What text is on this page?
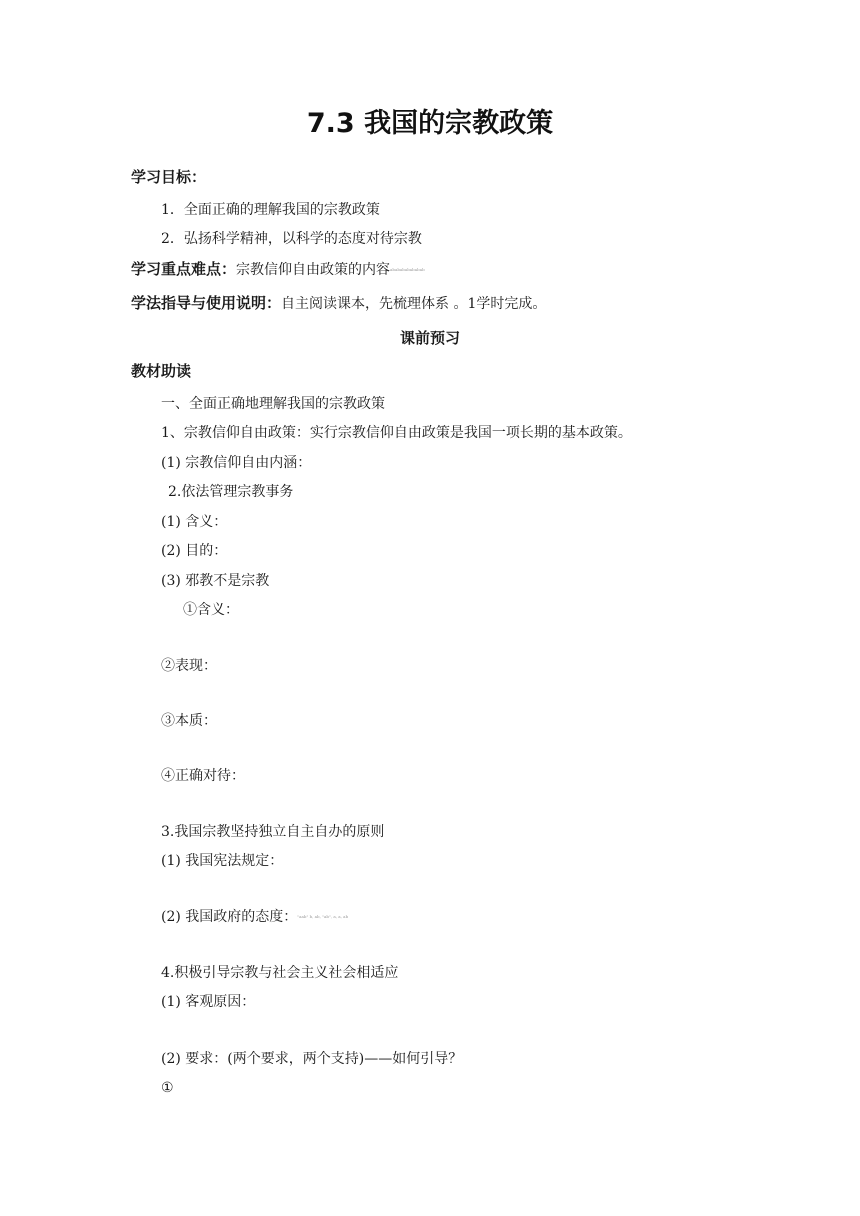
7.3 我国的宗教政策
学习目标：
1．全面正确的理解我国的宗教政策
2．弘扬科学精神，以科学的态度对待宗教
学习重点难点：宗教信仰自由政策的内容ababababababab
学法指导与使用说明：自主阅读课本，先梳理体系 。1学时完成。
课前预习
教材助读
一、全面正确地理解我国的宗教政策
1、宗教信仰自由政策：实行宗教信仰自由政策是我国一项长期的基本政策。
(1) 宗教信仰自由内涵：
2.依法管理宗教事务
(1) 含义：
(2) 目的：
(3) 邪教不是宗教
①含义：
②表现：
③本质：
④正确对待：
3.我国宗教坚持独立自主自办的原则
(1) 我国宪法规定：
(2) 我国政府的态度："aab" b, ab, "ab", a, a, ab
4.积极引导宗教与社会主义社会相适应
(1) 客观原因：
(2) 要求：(两个要求，两个支持)——如何引导？
①
